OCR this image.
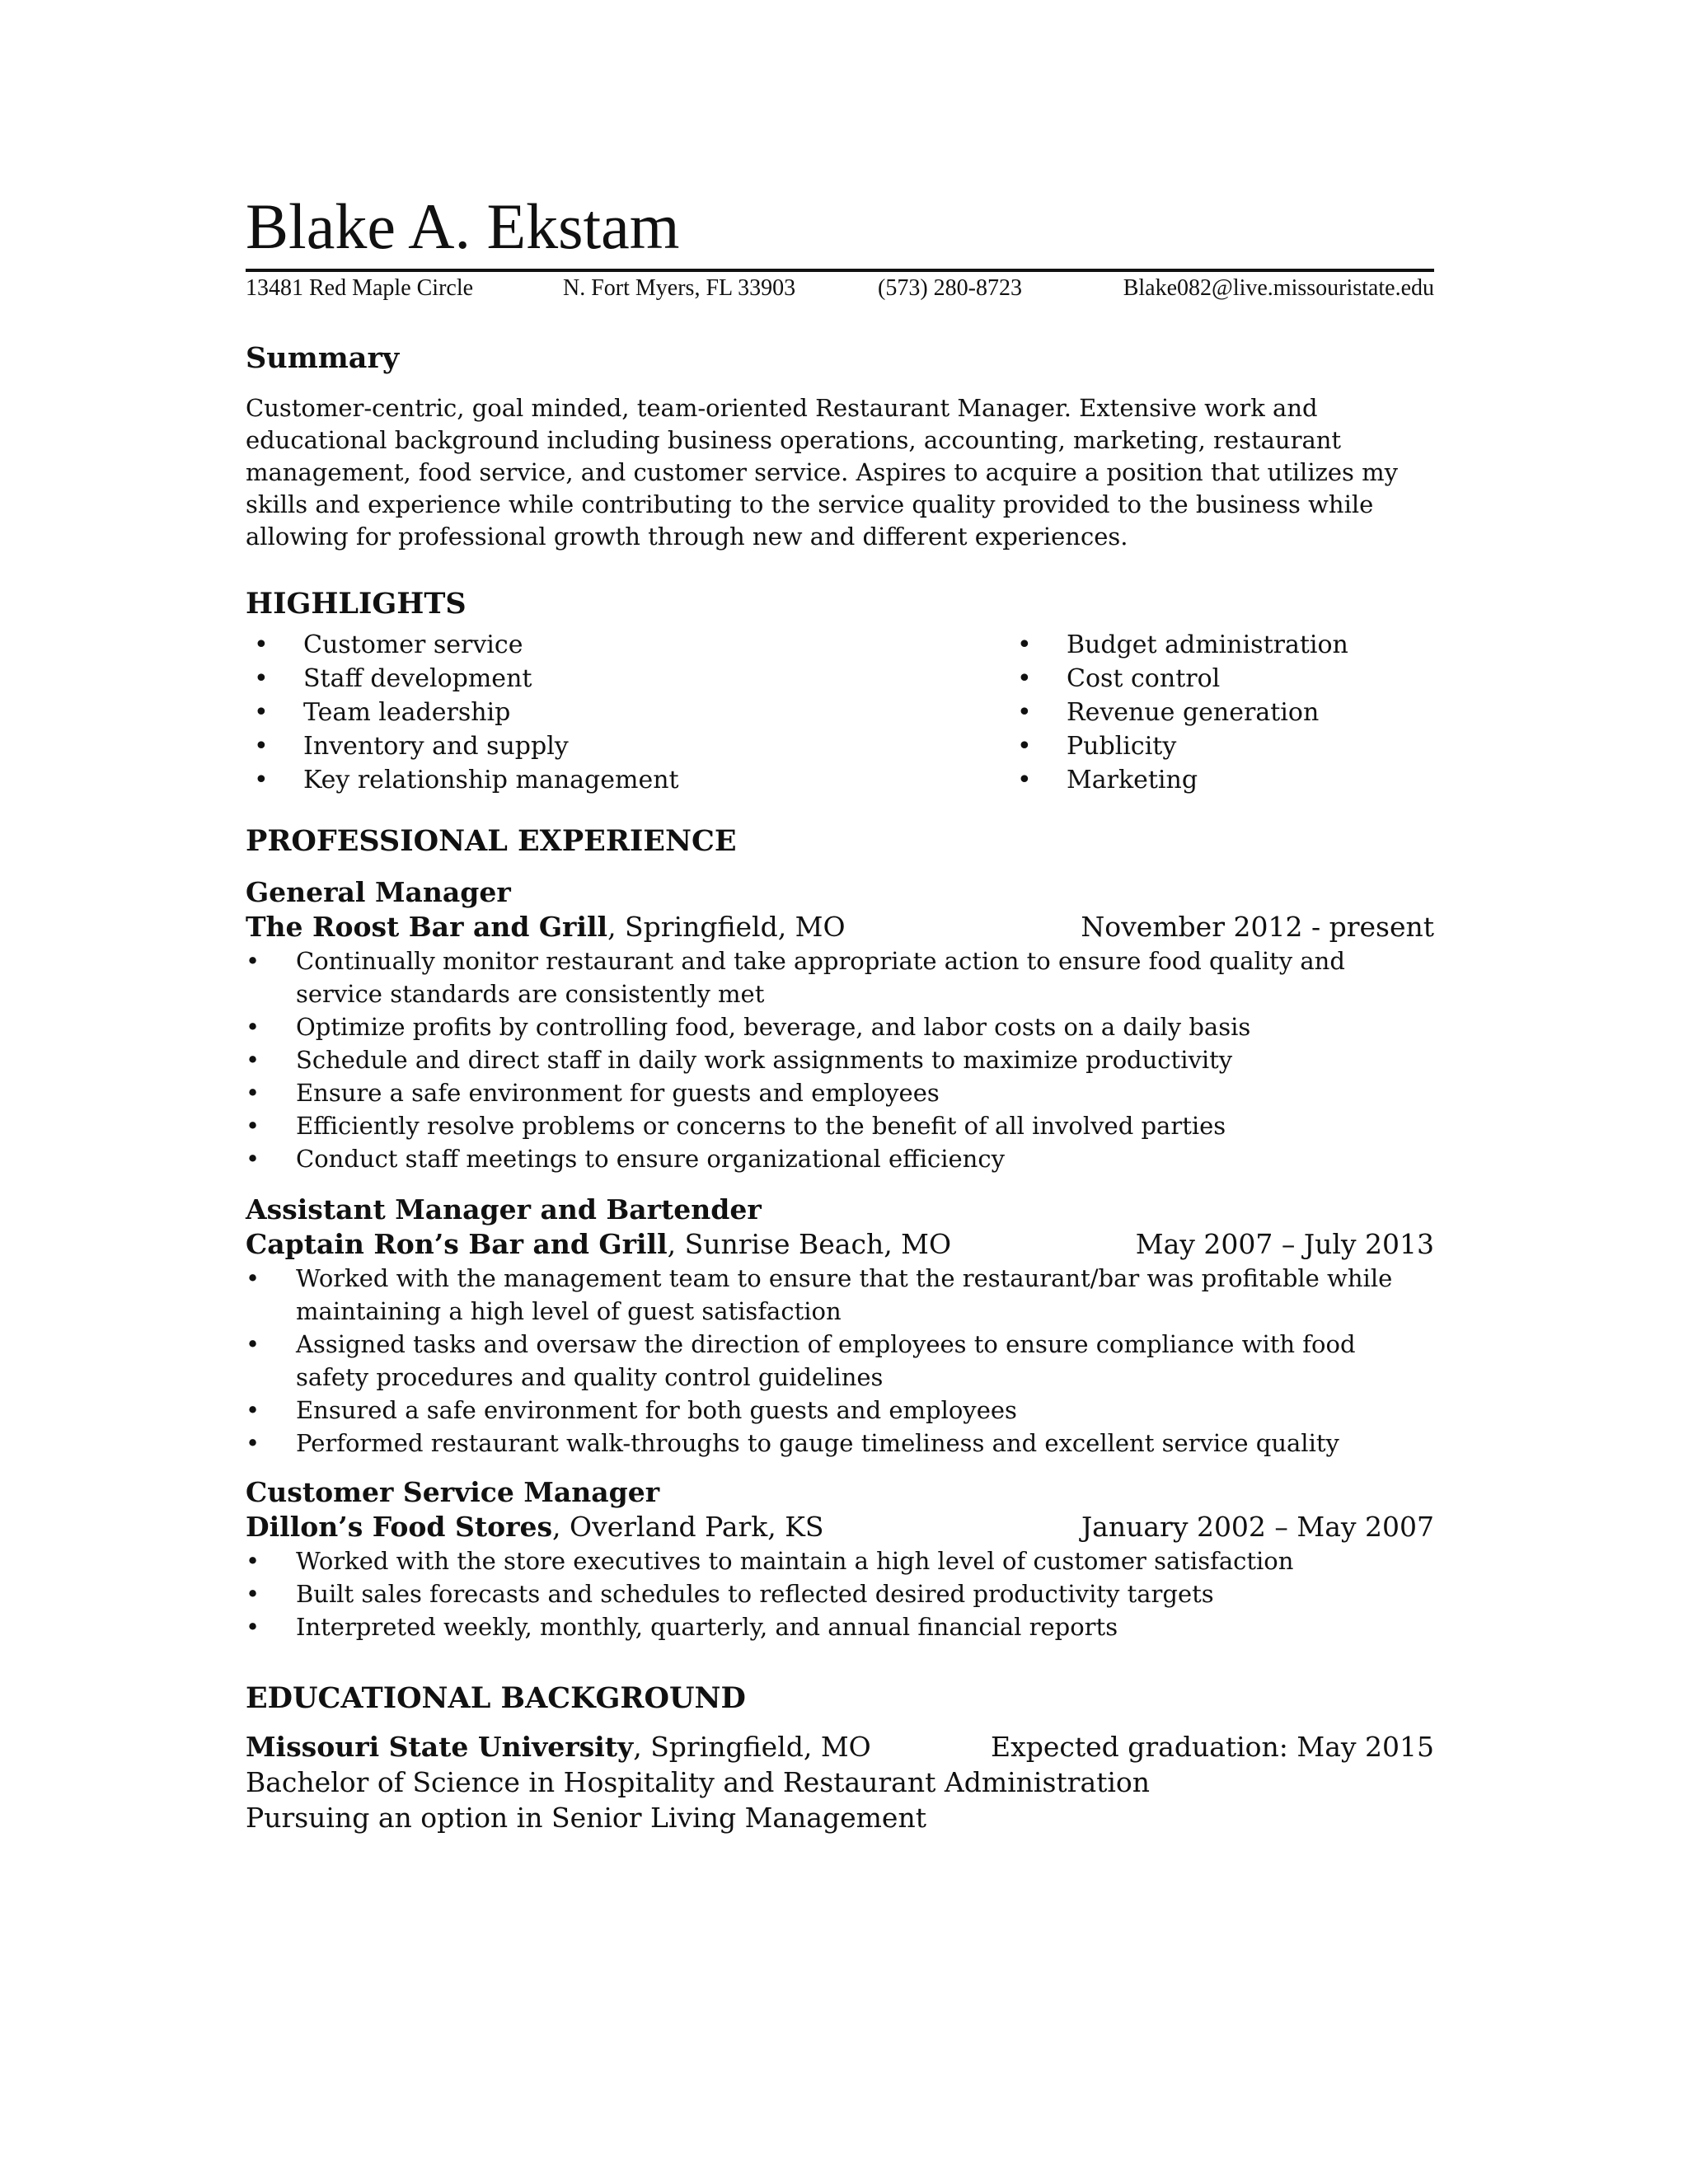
Blake A. Ekstam
13481 Red Maple Circle	N. Fort Myers, FL 33903	(573) 280-8723	Blake082@live.missouristate.edu
Summary

Customer-centric, goal minded, team-oriented Restaurant Manager. Extensive work and educational background including business operations, accounting, marketing, restaurant management, food service, and customer service. Aspires to acquire a position that utilizes my skills and experience while contributing to the service quality provided to the business while allowing for professional growth through new and different experiences.

HIGHLIGHTS
• Customer service
• Staff development
• Team leadership
• Inventory and supply
• Key relationship management
• Budget administration
• Cost control
• Revenue generation
• Publicity
• Marketing
PROFESSIONAL EXPERIENCE
General Manager
The Roost Bar and Grill, Springfield, MO	November 2012 - present
• Continually monitor restaurant and take appropriate action to ensure food quality and service standards are consistently met
• Optimize profits by controlling food, beverage, and labor costs on a daily basis
• Schedule and direct staff in daily work assignments to maximize productivity
• Ensure a safe environment for guests and employees
• Efficiently resolve problems or concerns to the benefit of all involved parties
• Conduct staff meetings to ensure organizational efficiency
Assistant Manager and Bartender
Captain Ron’s Bar and Grill, Sunrise Beach, MO	May 2007 – July 2013
• Worked with the management team to ensure that the restaurant/bar was profitable while maintaining a high level of guest satisfaction
• Assigned tasks and oversaw the direction of employees to ensure compliance with food safety procedures and quality control guidelines
• Ensured a safe environment for both guests and employees
• Performed restaurant walk-throughs to gauge timeliness and excellent service quality
Customer Service Manager
Dillon’s Food Stores, Overland Park, KS	January 2002 – May 2007
• Worked with the store executives to maintain a high level of customer satisfaction
• Built sales forecasts and schedules to reflected desired productivity targets
• Interpreted weekly, monthly, quarterly, and annual financial reports
EDUCATIONAL BACKGROUND
Missouri State University, Springfield, MO	Expected graduation: May 2015
Bachelor of Science in Hospitality and Restaurant Administration
Pursuing an option in Senior Living Management
